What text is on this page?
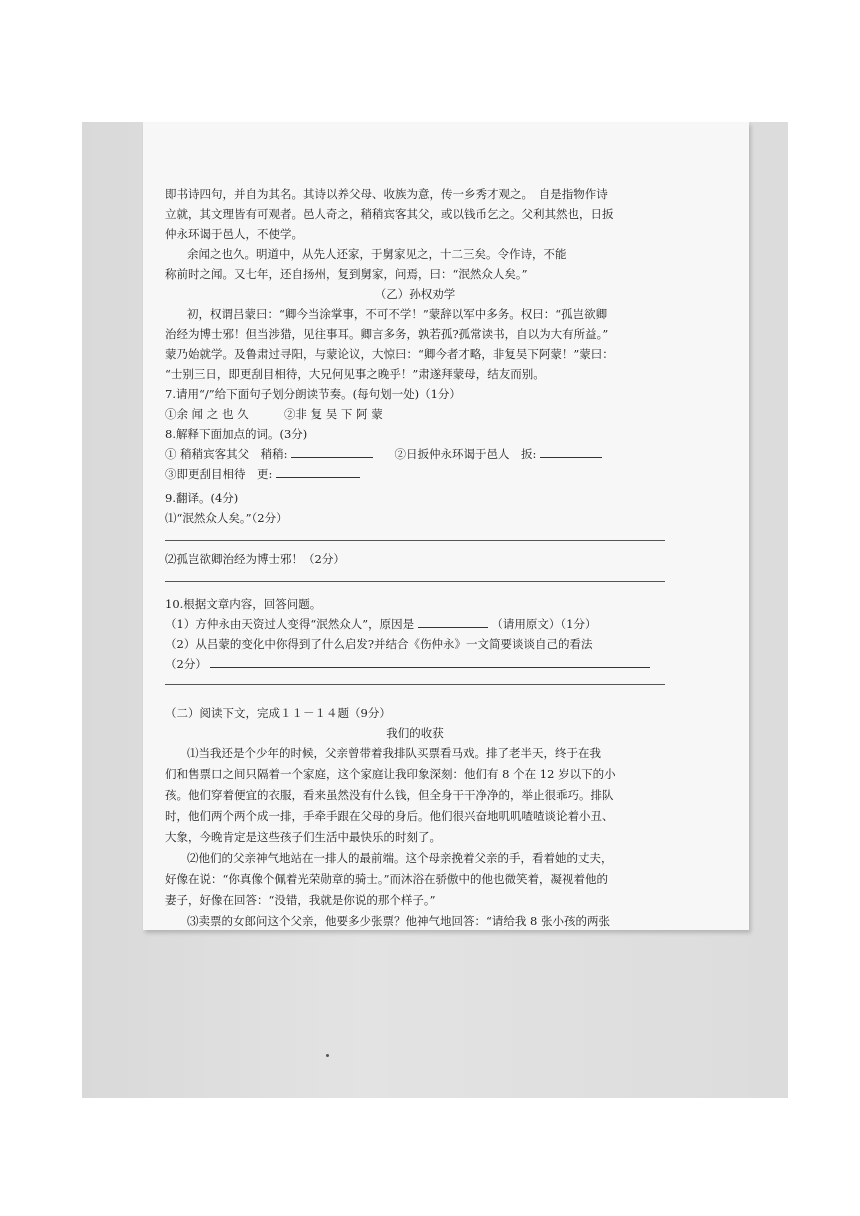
即书诗四句，并自为其名。其诗以养父母、收族为意，传一乡秀才观之。　自是指物作诗
立就，其文理皆有可观者。邑人奇之，稍稍宾客其父，或以钱币乞之。父利其然也，日扳
仲永环谒于邑人，不使学。
余闻之也久。明道中，从先人还家，于舅家见之，十二三矣。令作诗，不能
称前时之闻。又七年，还自扬州，复到舅家，问焉，曰：“泯然众人矣。”
（乙）孙权劝学
初，权谓吕蒙曰：“卿今当涂掌事，不可不学！”蒙辞以军中多务。权曰：“孤岂欲卿
治经为博士邪！但当涉猎，见往事耳。卿言多务，孰若孤?孤常读书，自以为大有所益。”
蒙乃始就学。及鲁肃过寻阳，与蒙论议，大惊曰：“卿今者才略，非复吴下阿蒙！”蒙曰：
“士别三日，即更刮目相待，大兄何见事之晚乎！”肃遂拜蒙母，结友而别。
7.请用“/”给下面句子划分朗读节奏。(每句划一处)（1分）
①余 闻 之 也 久	②非 复 吴 下 阿 蒙
8.解释下面加点的词。(3分)
① 稍稍宾客其父　稍稍:	②日扳仲永环谒于邑人　扳:
③即更刮目相待　更:
9.翻译。(4分)
⑴“泯然众人矣。”（2分）
⑵孤岂欲卿治经为博士邪！（2分）
10.根据文章内容，回答问题。
（1）方仲永由天资过人变得“泯然众人”，原因是	（请用原文）（1分）
（2）从吕蒙的变化中你得到了什么启发?并结合《伤仲永》一文简要谈谈自己的看法
（2分）
（二）阅读下文，完成１１－１４题（9分）
我们的收获
⑴当我还是个少年的时候，父亲曾带着我排队买票看马戏。排了老半天，终于在我
们和售票口之间只隔着一个家庭，这个家庭让我印象深刻：他们有 8 个在 12 岁以下的小
孩。他们穿着便宜的衣服，看来虽然没有什么钱，但全身干干净净的，举止很乖巧。排队
时，他们两个两个成一排，手牵手跟在父母的身后。他们很兴奋地叽叽喳喳谈论着小丑、
大象，今晚肯定是这些孩子们生活中最快乐的时刻了。
⑵他们的父亲神气地站在一排人的最前端。这个母亲挽着父亲的手，看着她的丈夫，
好像在说：“你真像个佩着光荣勋章的骑士。”而沐浴在骄傲中的他也微笑着，凝视着他的
妻子，好像在回答：“没错，我就是你说的那个样子。”
⑶卖票的女郎问这个父亲，他要多少张票？他神气地回答：“请给我 8 张小孩的两张
